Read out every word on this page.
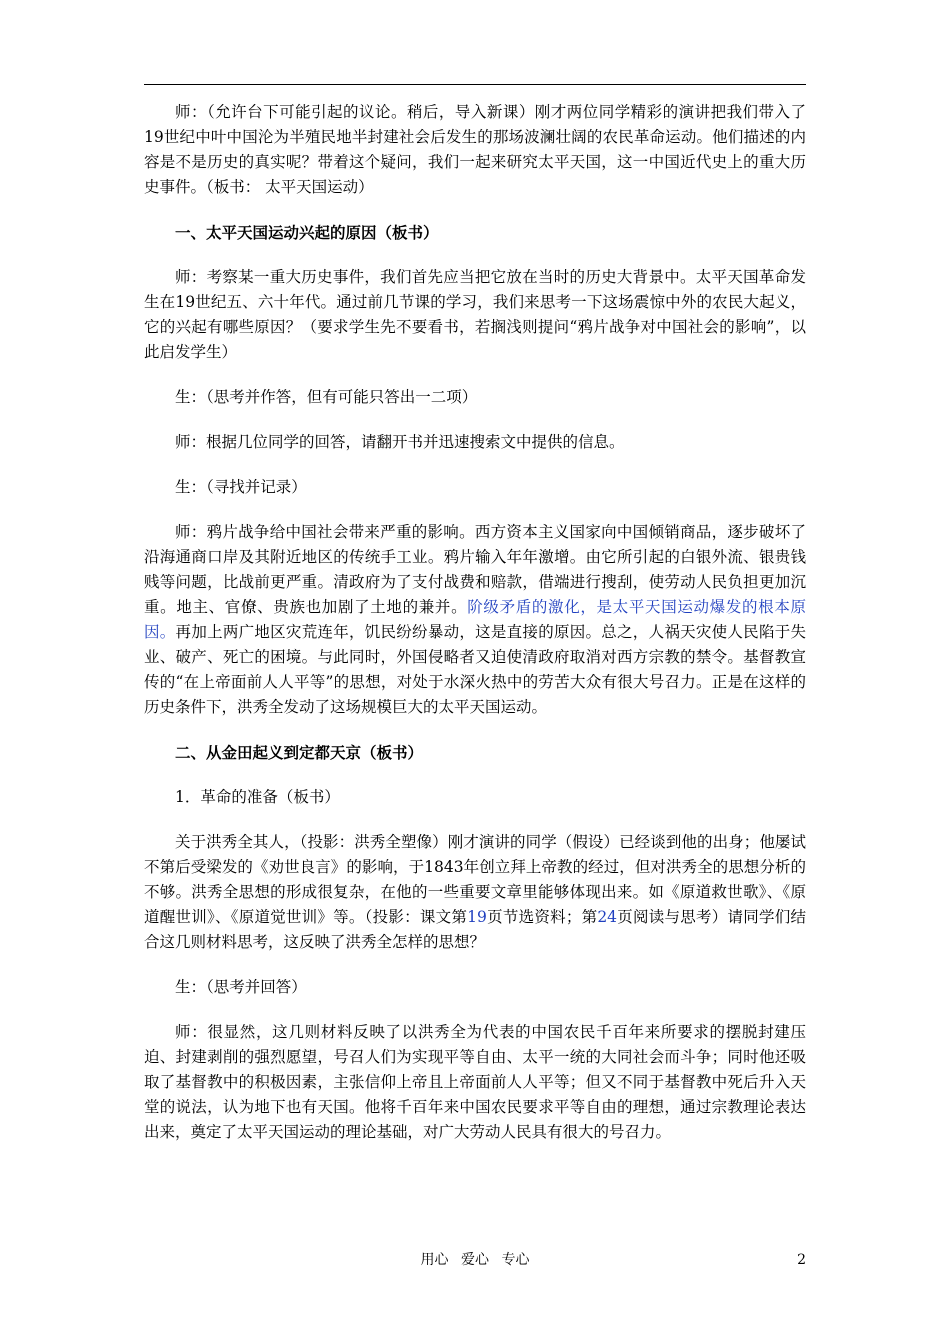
师：（允许台下可能引起的议论。稍后，导入新课）刚才两位同学精彩的演讲把我们带入了19世纪中叶中国沦为半殖民地半封建社会后发生的那场波澜壮阔的农民革命运动。他们描述的内容是不是历史的真实呢？带着这个疑问，我们一起来研究太平天国，这一中国近代史上的重大历史事件。（板书： 太平天国运动）

一、太平天国运动兴起的原因（板书）

师：考察某一重大历史事件，我们首先应当把它放在当时的历史大背景中。太平天国革命发生在19世纪五、六十年代。通过前几节课的学习，我们来思考一下这场震惊中外的农民大起义，它的兴起有哪些原因？（要求学生先不要看书，若搁浅则提问“鸦片战争对中国社会的影响”，以此启发学生）

生：（思考并作答，但有可能只答出一二项）

师：根据几位同学的回答，请翻开书并迅速搜索文中提供的信息。

生：（寻找并记录）

师：鸦片战争给中国社会带来严重的影响。西方资本主义国家向中国倾销商品，逐步破坏了沿海通商口岸及其附近地区的传统手工业。鸦片输入年年激增。由它所引起的白银外流、银贵钱贱等问题，比战前更严重。清政府为了支付战费和赔款，借端进行搜刮，使劳动人民负担更加沉重。地主、官僚、贵族也加剧了土地的兼并。阶级矛盾的激化，是太平天国运动爆发的根本原因。再加上两广地区灾荒连年，饥民纷纷暴动，这是直接的原因。总之，人祸天灾使人民陷于失业、破产、死亡的困境。与此同时，外国侵略者又迫使清政府取消对西方宗教的禁令。基督教宣传的“在上帝面前人人平等”的思想，对处于水深火热中的劳苦大众有很大号召力。正是在这样的历史条件下，洪秀全发动了这场规模巨大的太平天国运动。

二、从金田起义到定都天京（板书）

1．革命的准备（板书）

关于洪秀全其人，（投影：洪秀全塑像）刚才演讲的同学（假设）已经谈到他的出身；他屡试不第后受梁发的《劝世良言》的影响，于1843年创立拜上帝教的经过，但对洪秀全的思想分析的不够。洪秀全思想的形成很复杂，在他的一些重要文章里能够体现出来。如《原道救世歌》、《原道醒世训》、《原道觉世训》等。（投影：课文第19页节选资料；第24页阅读与思考）请同学们结合这几则材料思考，这反映了洪秀全怎样的思想？

生：（思考并回答）

师：很显然，这几则材料反映了以洪秀全为代表的中国农民千百年来所要求的摆脱封建压迫、封建剥削的强烈愿望，号召人们为实现平等自由、太平一统的大同社会而斗争；同时他还吸取了基督教中的积极因素，主张信仰上帝且上帝面前人人平等；但又不同于基督教中死后升入天堂的说法，认为地下也有天国。他将千百年来中国农民要求平等自由的理想，通过宗教理论表达出来，奠定了太平天国运动的理论基础，对广大劳动人民具有很大的号召力。

用心 爱心 专心	2
